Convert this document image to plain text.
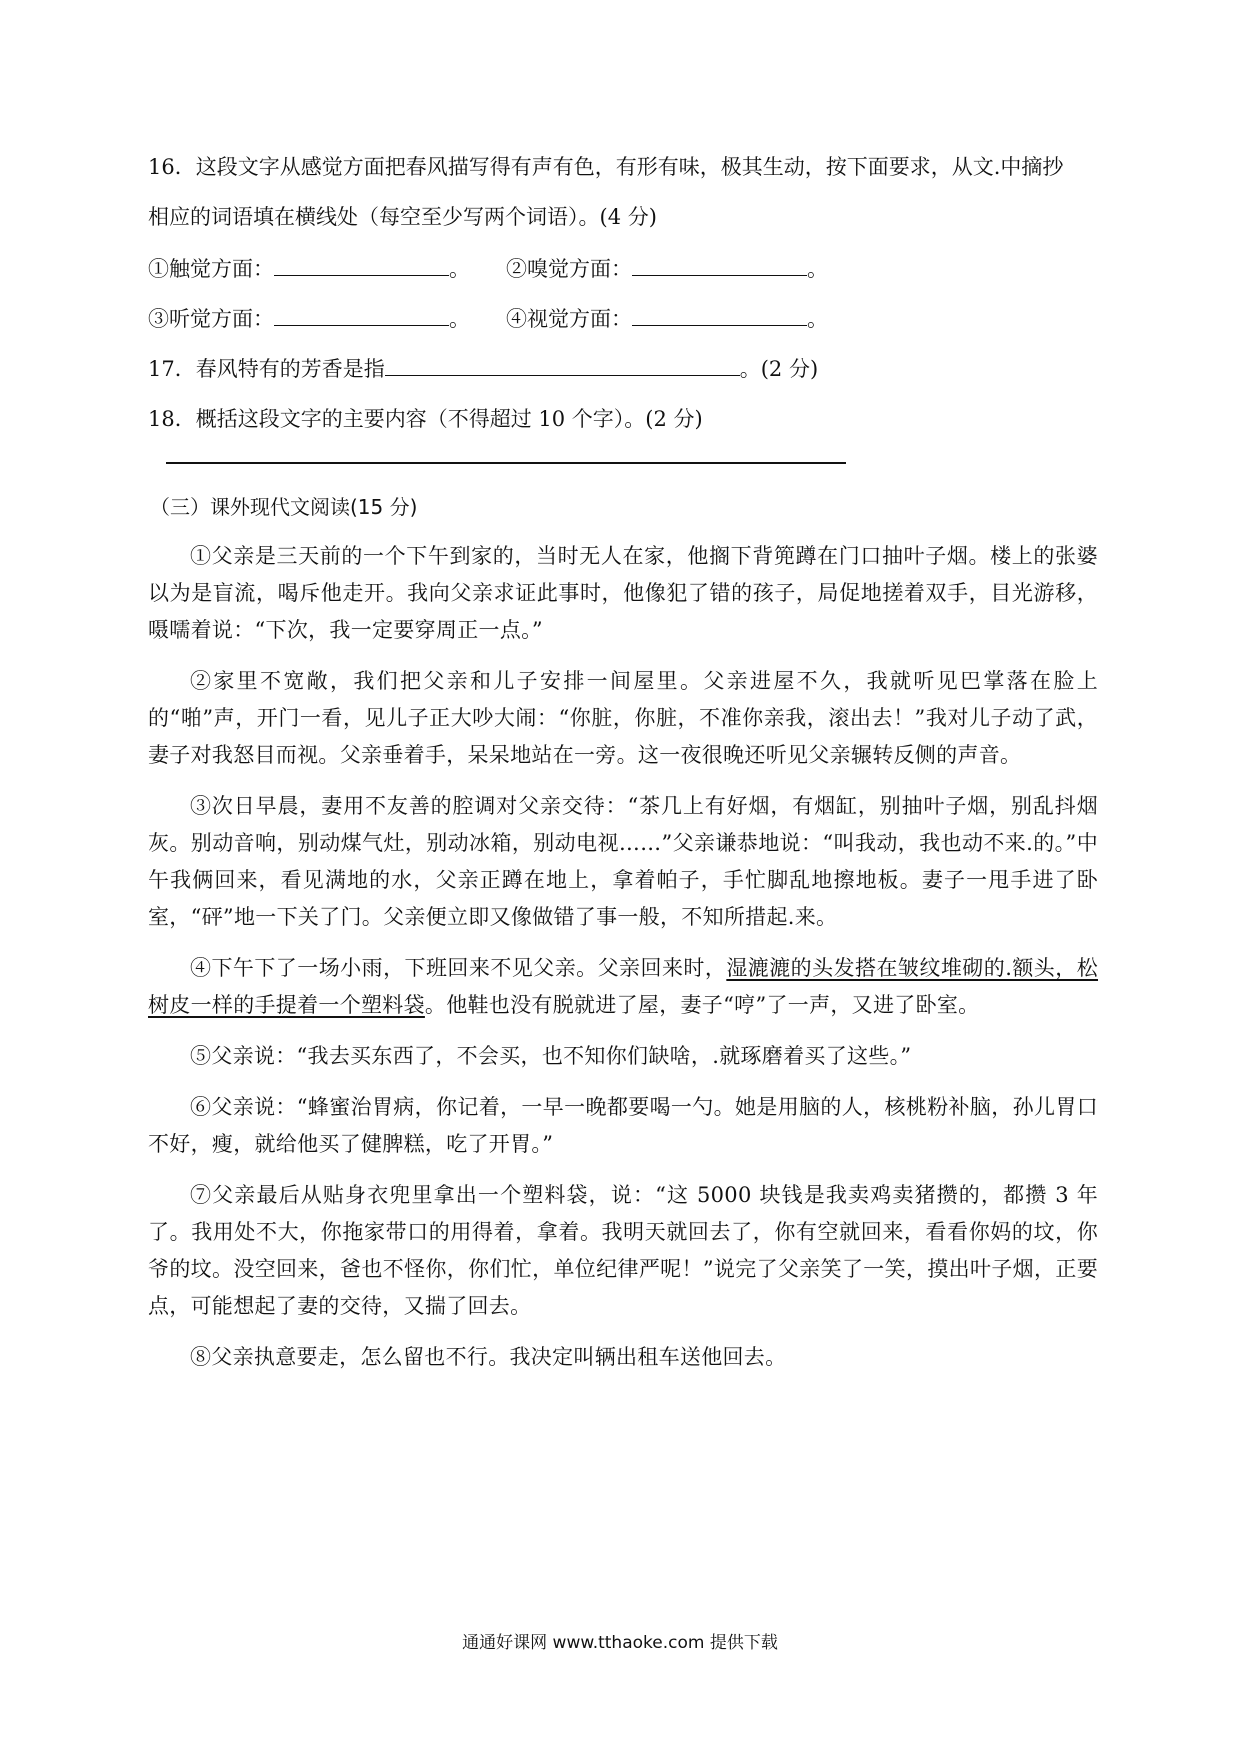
16．这段文字从感觉方面把春风描写得有声有色，有形有味，极其生动，按下面要求，从文.中摘抄
相应的词语填在横线处（每空至少写两个词语）。(4 分)
①触觉方面：	。	②嗅觉方面：	。
③听觉方面：	。	④视觉方面：	。
17．春风特有的芳香是指	。(2 分)
18．概括这段文字的主要内容（不得超过 10 个字）。(2 分)
（三）课外现代文阅读(15 分)

①父亲是三天前的一个下午到家的，当时无人在家，他搁下背篼蹲在门口抽叶子烟。楼上的张婆以为是盲流，喝斥他走开。我向父亲求证此事时，他像犯了错的孩子，局促地搓着双手，目光游移，嗫嚅着说：“下次，我一定要穿周正一点。”

②家里不宽敞，我们把父亲和儿子安排一间屋里。父亲进屋不久，我就听见巴掌落在脸上的“啪”声，开门一看，见儿子正大吵大闹：“你脏，你脏，不准你亲我，滚出去！”我对儿子动了武，妻子对我怒目而视。父亲垂着手，呆呆地站在一旁。这一夜很晚还听见父亲辗转反侧的声音。

③次日早晨，妻用不友善的腔调对父亲交待：“茶几上有好烟，有烟缸，别抽叶子烟，别乱抖烟灰。别动音响，别动煤气灶，别动冰箱，别动电视……”父亲谦恭地说：“叫我动，我也动不来.的。”中午我俩回来，看见满地的水，父亲正蹲在地上，拿着帕子，手忙脚乱地擦地板。妻子一甩手进了卧室，“砰”地一下关了门。父亲便立即又像做错了事一般，不知所措起.来。

④下午下了一场小雨，下班回来不见父亲。父亲回来时，湿漉漉的头发搭在皱纹堆砌的.额头，松树皮一样的手提着一个塑料袋。他鞋也没有脱就进了屋，妻子“哼”了一声，又进了卧室。

⑤父亲说：“我去买东西了，不会买，也不知你们缺啥，.就琢磨着买了这些。”

⑥父亲说：“蜂蜜治胃病，你记着，一早一晚都要喝一勺。她是用脑的人，核桃粉补脑，孙儿胃口不好，瘦，就给他买了健脾糕，吃了开胃。”

⑦父亲最后从贴身衣兜里拿出一个塑料袋，说：“这 5000 块钱是我卖鸡卖猪攒的，都攒 3 年了。我用处不大，你拖家带口的用得着，拿着。我明天就回去了，你有空就回来，看看你妈的坟，你爷的坟。没空回来，爸也不怪你，你们忙，单位纪律严呢！”说完了父亲笑了一笑，摸出叶子烟，正要点，可能想起了妻的交待，又揣了回去。

⑧父亲执意要走，怎么留也不行。我决定叫辆出租车送他回去。

通通好课网 www.tthaoke.com 提供下载
